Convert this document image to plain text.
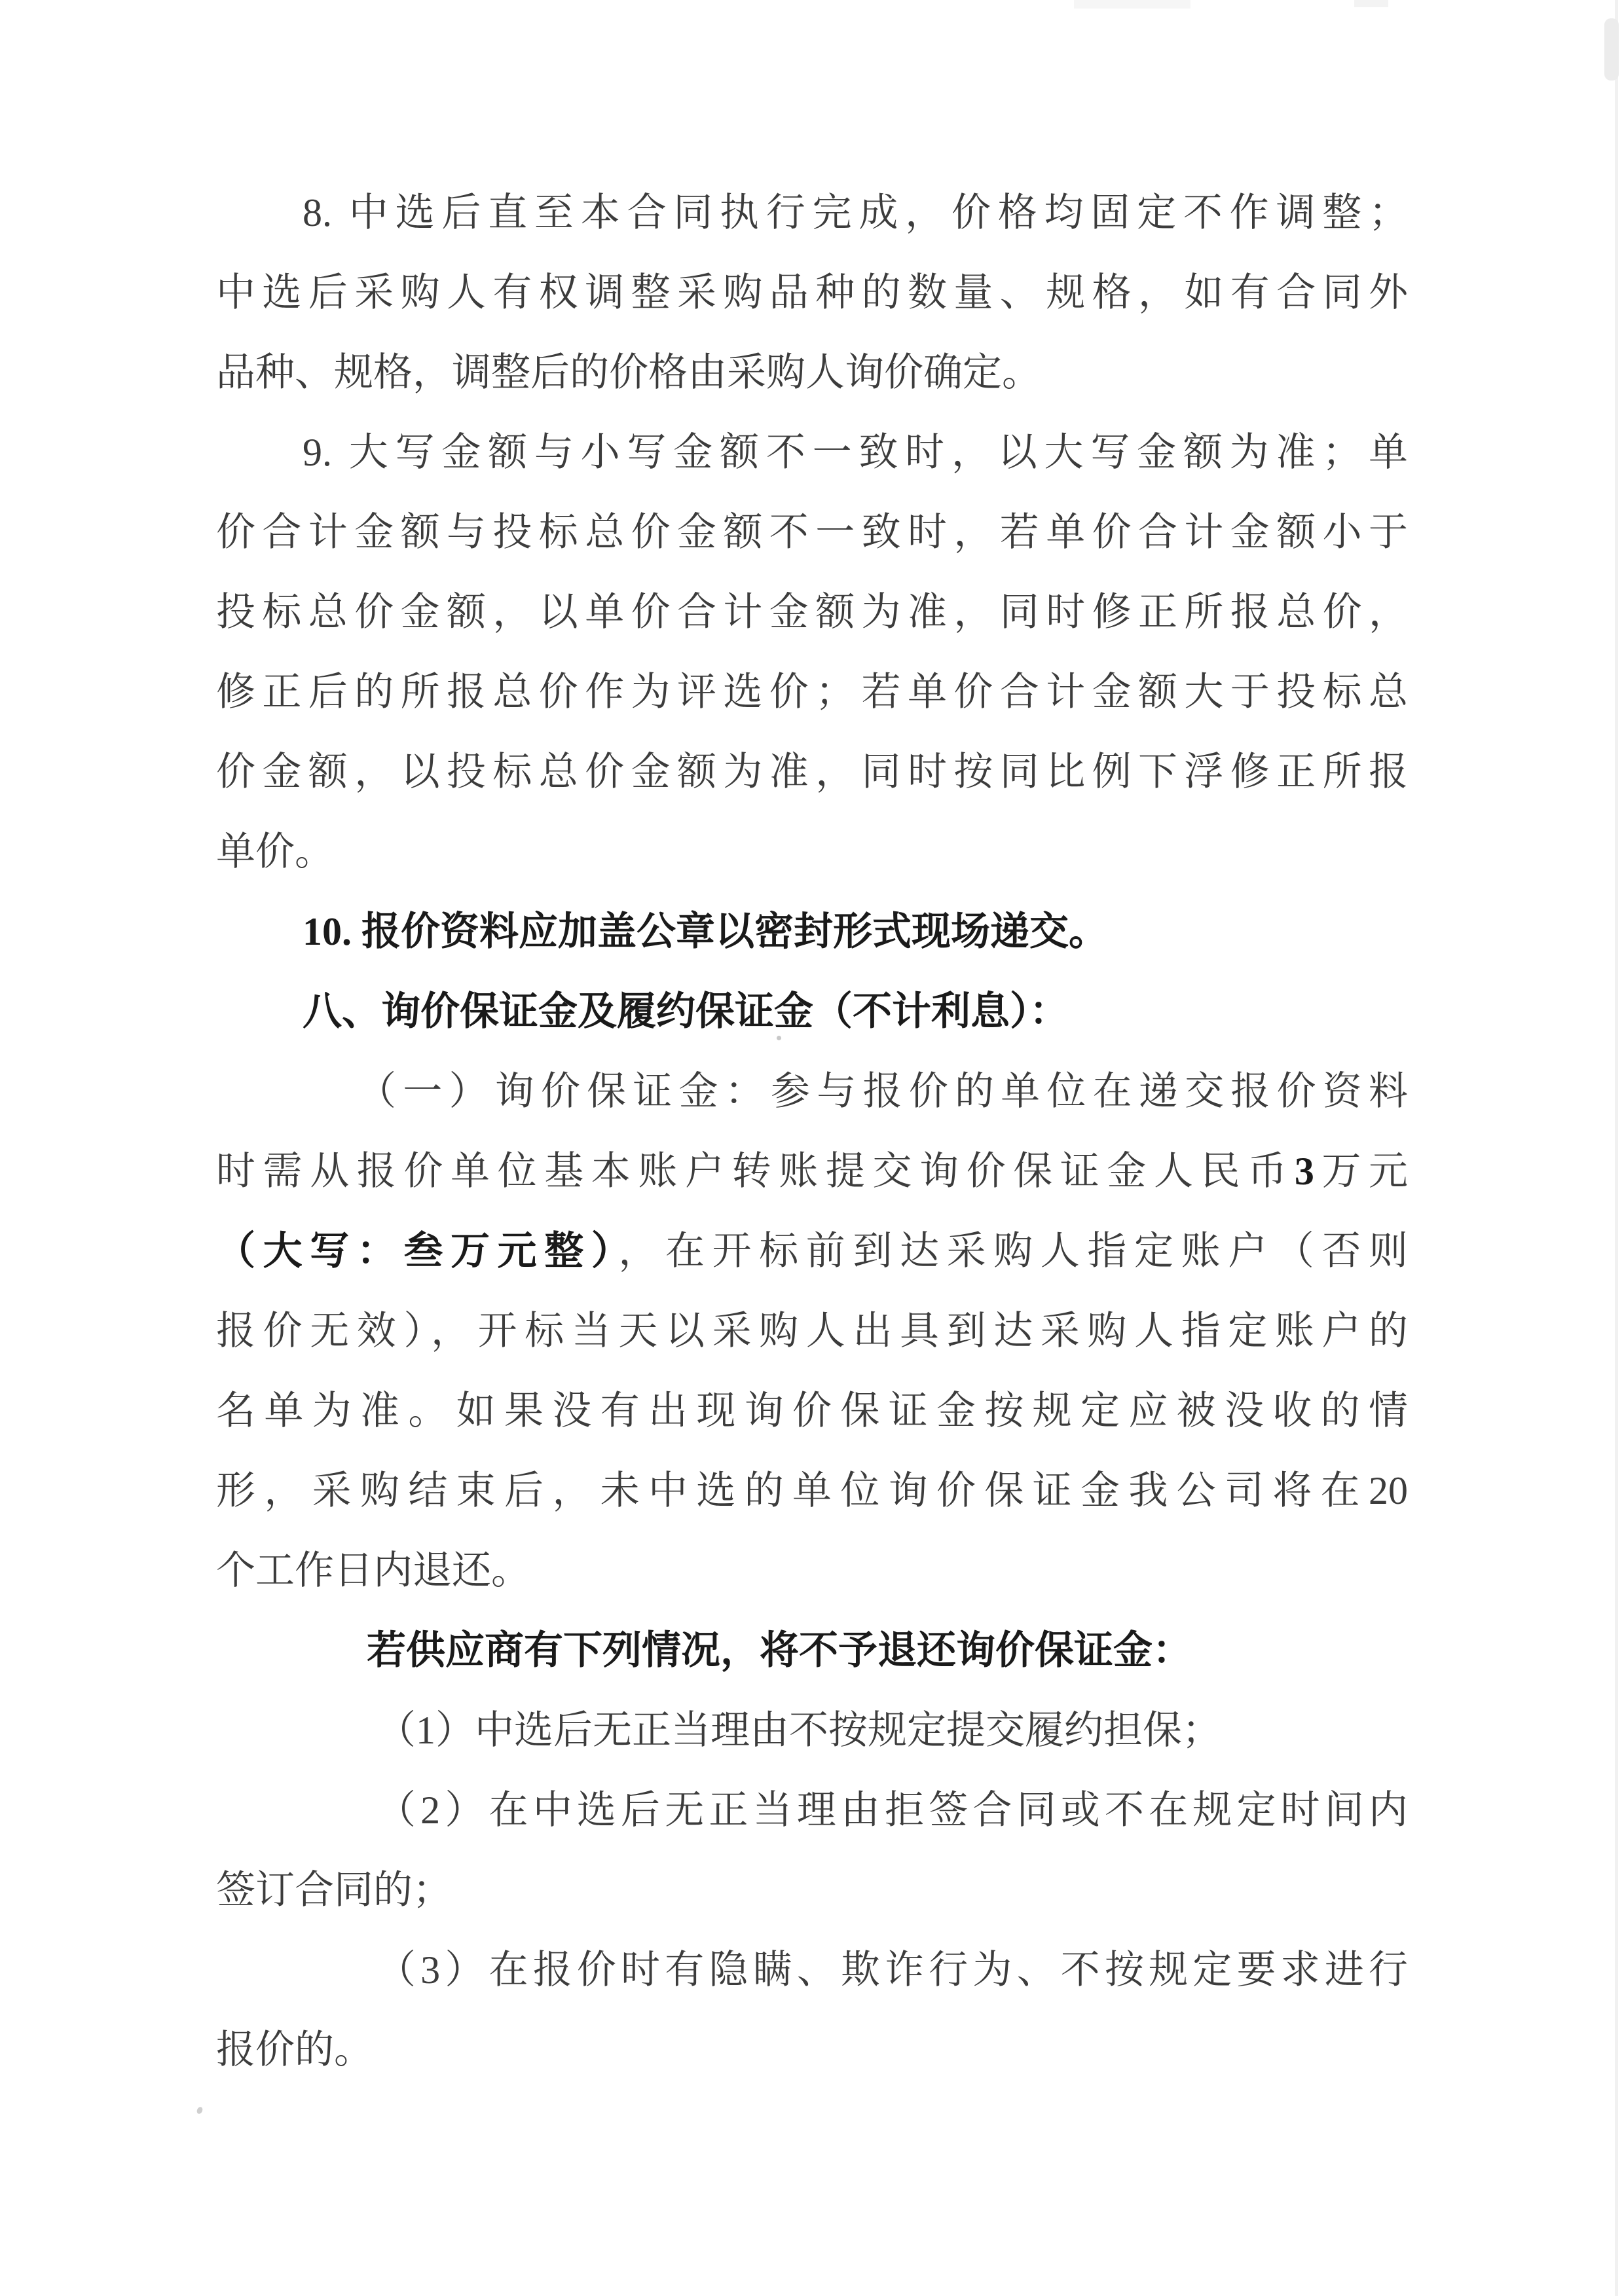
8. 中选后直至本合同执行完成，价格均固定不作调整；
中选后采购人有权调整采购品种的数量、规格，如有合同外
品种、规格，调整后的价格由采购人询价确定。
9. 大写金额与小写金额不一致时，以大写金额为准；单
价合计金额与投标总价金额不一致时，若单价合计金额小于
投标总价金额，以单价合计金额为准，同时修正所报总价，
修正后的所报总价作为评选价；若单价合计金额大于投标总
价金额，以投标总价金额为准，同时按同比例下浮修正所报
单价。
10. 报价资料应加盖公章以密封形式现场递交。
八、询价保证金及履约保证金（不计利息）：
（一）询价保证金：参与报价的单位在递交报价资料
时需从报价单位基本账户转账提交询价保证金人民币3万元
（大写：叁万元整），在开标前到达采购人指定账户（否则
报价无效），开标当天以采购人出具到达采购人指定账户的
名单为准。如果没有出现询价保证金按规定应被没收的情
形，采购结束后，未中选的单位询价保证金我公司将在20
个工作日内退还。
若供应商有下列情况，将不予退还询价保证金：
（1）中选后无正当理由不按规定提交履约担保；
（2）在中选后无正当理由拒签合同或不在规定时间内
签订合同的；
（3）在报价时有隐瞒、欺诈行为、不按规定要求进行
报价的。
